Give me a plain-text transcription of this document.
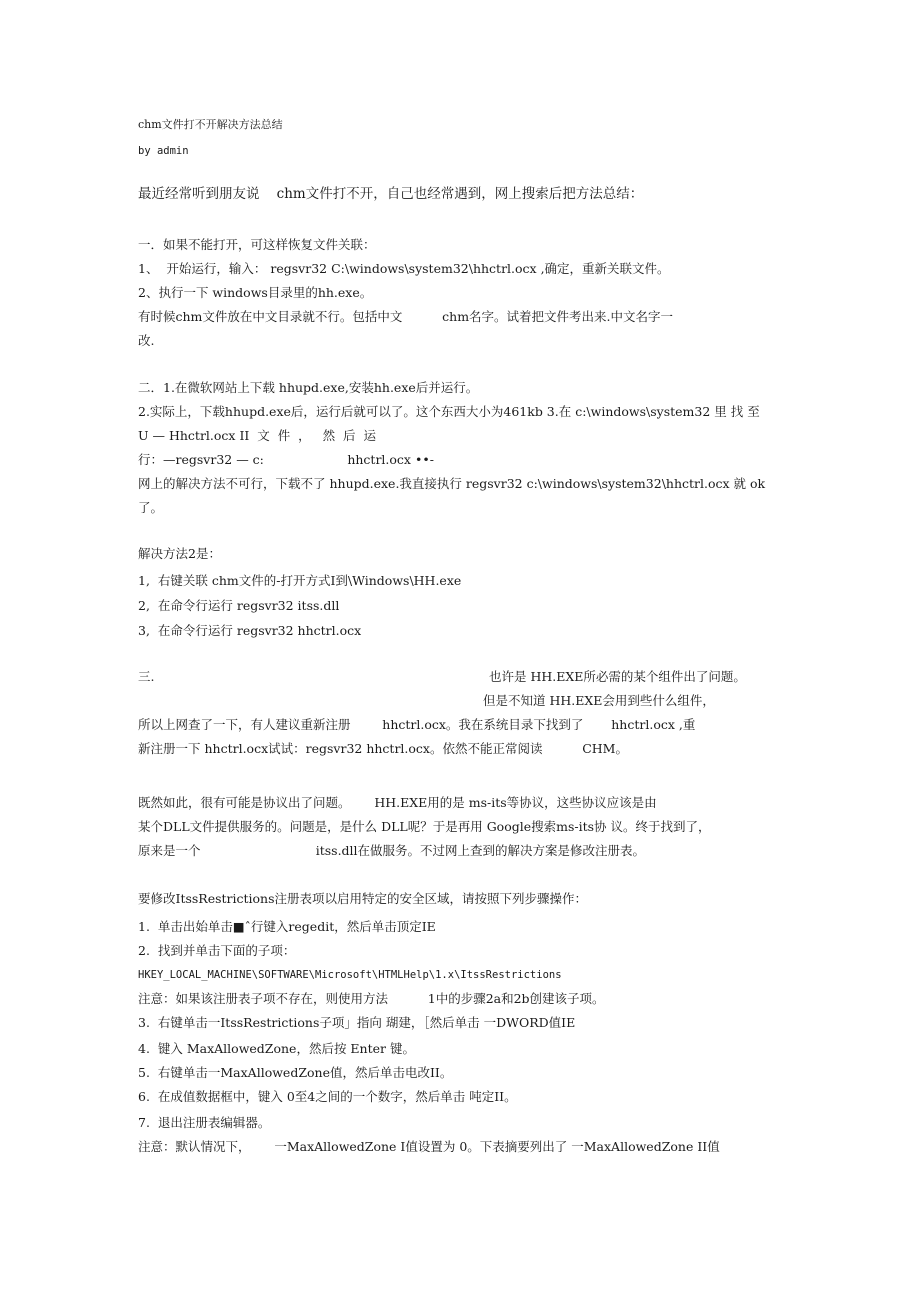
chm文件打不开解决方法总结
by admin
最近经常听到朋友说    chm文件打不开，自己也经常遇到，网上搜索后把方法总结：
一．如果不能打开，可这样恢复文件关联：
1、  开始运行，输入： regsvr32 C:\windows\system32\hhctrl.ocx ,确定，重新关联文件。
2、执行一下 windows目录里的hh.exe。
有时候chm文件放在中文目录就不行。包括中文          chm名字。试着把文件考出来.中文名字一
改.
二．1.在微软网站上下载 hhupd.exe,安装hh.exe后并运行。
2.实际上，下载hhupd.exe后，运行后就可以了。这个东西大小为461kb 3.在 c:\windows\system32 里 找 至
U — Hhctrl.ocx II  文  件  ，   然  后  运
行：—regsvr32 — c:                     hhctrl.ocx ••-
网上的解决方法不可行，下载不了 hhupd.exe.我直接执行 regsvr32 c:\windows\system32\hhctrl.ocx 就 ok
了。
解决方法2是：
1,  右键关联 chm文件的-打开方式I到\Windows\HH.exe
2,  在命令行运行 regsvr32 itss.dll
3,  在命令行运行 regsvr32 hhctrl.ocx
三.	也许是 HH.EXE所必需的某个组件出了问题。
但是不知道 HH.EXE会用到些什么组件，
所以上网查了一下，有人建议重新注册        hhctrl.ocx。我在系统目录下找到了       hhctrl.ocx ,重
新注册一下 hhctrl.ocx试试：regsvr32 hhctrl.ocx。依然不能正常阅读          CHM。
既然如此，很有可能是协议出了问题。      HH.EXE用的是 ms-its等协议，这些协议应该是由
某个DLL文件提供服务的。问题是，是什么 DLL呢？于是再用 Google搜索ms-its协 议。终于找到了，
原来是一个                             itss.dll在做服务。不过网上查到的解决方案是修改注册表。
要修改ItssRestrictions注册表项以启用特定的安全区域，请按照下列步骤操作：
1.  单击出始单击■ˆ行键入regedit，然后单击顶定IE
2.  找到并单击下面的子项：
HKEY_LOCAL_MACHINE\SOFTWARE\Microsoft\HTMLHelp\1.x\ItssRestrictions
注意：如果该注册表子项不存在，则使用方法          1中的步骤2a和2b创建该子项。
3.  右键单击一ItssRestrictions子项」指向 瑚建，［然后单击 一DWORD值IE
4.  键入 MaxAllowedZone，然后按 Enter 键。
5.  右键单击一MaxAllowedZone值，然后单击电改II。
6.  在成值数据框中，键入 0至4之间的一个数字，然后单击 吨定II。
7.  退出注册表编辑器。
注意：默认情况下，      一MaxAllowedZone I值设置为 0。下表摘要列出了 一MaxAllowedZone II值
